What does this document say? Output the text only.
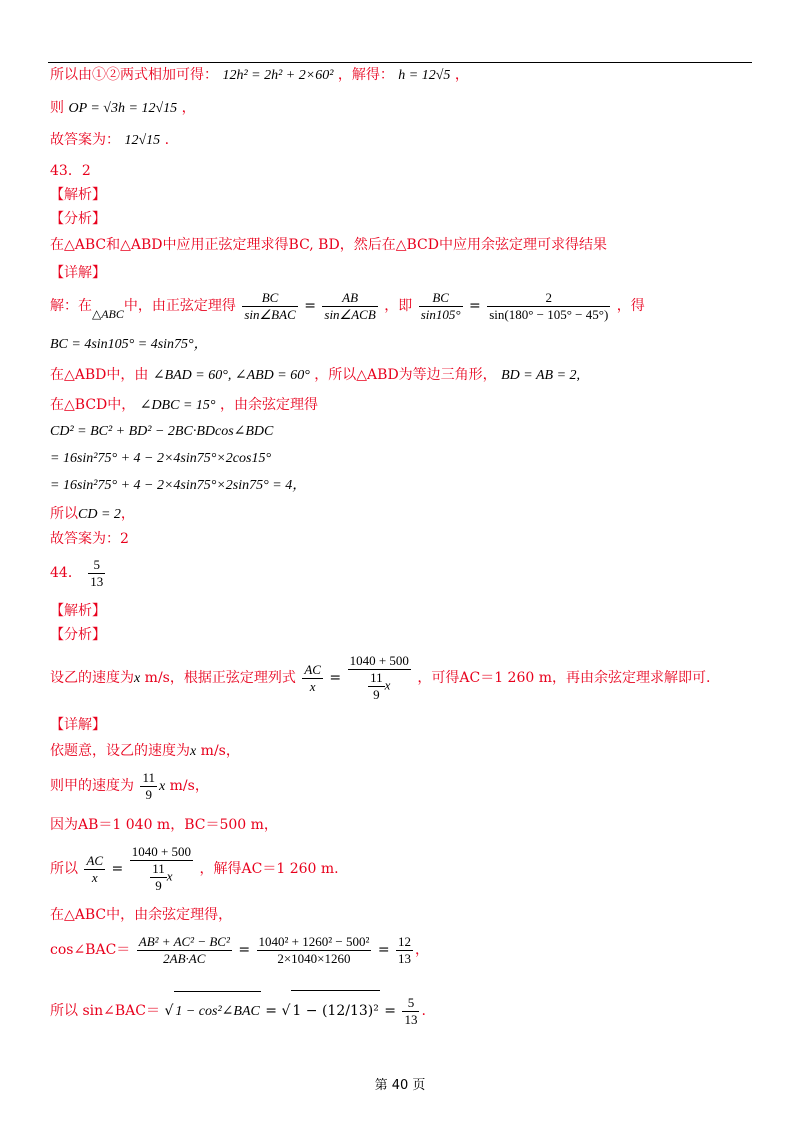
所以由①②两式相加可得： 12h² = 2h² + 2×60² ，解得： h = 12√5 ，
则 OP = √3h = 12√15 ，
故答案为： 12√15 .
43．2
【解析】
【分析】
在△ABC和△ABD中应用正弦定理求得BC, BD，然后在△BCD中应用余弦定理可求得结果
【详解】
解：在△ABC中，由正弦定理得 $\frac{BC}{\text{sin∠BAC}} = \frac{AB}{\text{sin∠ACB}}$ ，即 $\frac{BC}{\sin 105^\circ} = \frac{2}{\sin(180^\circ - 105^\circ - 45^\circ)}$ ，得
BC = 4sin105° = 4sin75°，
在△ABD中，由 ∠BAD = 60°, ∠ABD = 60° ，所以△ABD为等边三角形， BD = AB = 2,
在△BCD中， ∠DBC = 15° ，由余弦定理得
CD² = BC² + BD² − 2BC·BDcos∠BDC
= 16sin²75° + 4 − 2×4sin75°×2cos15°
= 16sin²75° + 4 − 2×4sin75°×2sin75° = 4，
所以CD = 2，
故答案为：2
44． $\frac{5}{13}$
【解析】
【分析】
设乙的速度为x m/s，根据正弦定理列式 $\frac{AC}{x} = \frac{1040 + 500}{\frac{11}{9} x}$ ，可得AC＝1 260 m，再由余弦定理求解即可.
【详解】
依题意，设乙的速度为x m/s，
则甲的速度为 $\frac{11}{9}$ x m/s，
因为AB＝1 040 m，BC＝500 m，
所以 $\frac{AC}{x} = \frac{1040 + 500}{\frac{11}{9} x}$ ，解得AC＝1 260 m.
在△ABC中，由余弦定理得，
cos∠BAC＝ $\frac{\text{AB² + AC² − BC²}}{2AB\cdot AC} = \frac{\text{1040² + 1260² − 500²}}{2\times 1040\times 1260} = \frac{12}{13}$ ，
所以 sin∠BAC＝ √ 1 − cos²∠BAC = √ $1 - (12/13)^2 = \frac{5}{13}$ .
第 40 页
